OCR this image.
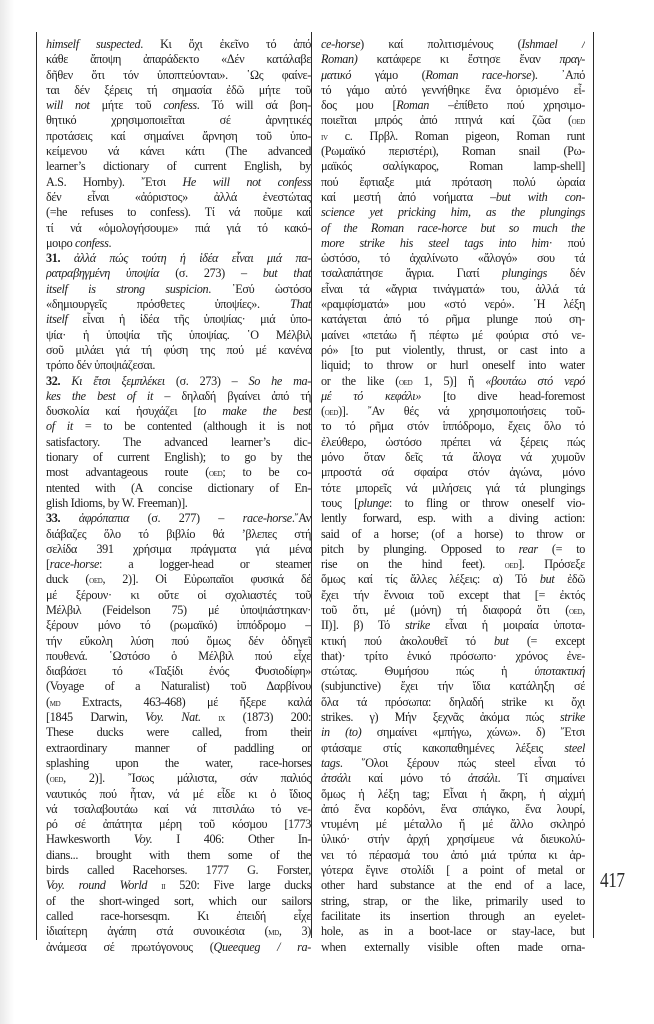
himself suspected. Κι ὄχι ἐκεῖνο τό ἀπό
κάθε ἄποψη ἀπαράδεκτο «Δέν κατάλαβε
δῆθεν ὅτι τόν ὑποπτεύονται». ῾Ως φαίνε-
ται δέν ξέρεις τή σημασία ἐδῶ μήτε τοῦ
will not μήτε τοῦ confess. Τό will σά βοη-
θητικό χρησιμοποιεῖται σέ ἀρνητικές
προτάσεις καί σημαίνει ἄρνηση τοῦ ὑπο-
κείμενου νά κάνει κάτι (The advanced
learner’s dictionary of current English, by
A.S. Hornby). ῎Ετσι He will not confess
δέν εἶναι «ἀόριστος» ἀλλά ἐνεστώτας
(=he refuses to confess). Τί νά ποῦμε καί
τί νά «ὁμολογήσουμε» πιά γιά τό κακό-
μοιρο confess.
31. ἀλλά πώς τούτη ἡ ἰδέα εἶναι μιά πα-
ρατραβηγμένη ὑποψία (σ. 273) – but that
itself is strong suspicion. ᾿Εσύ ὡστόσο
«δημιουργεῖς πρόσθετες ὑποψίες». That
itself εἶναι ἡ ἰδέα τῆς ὑποψίας· μιά ὑπο-
ψία· ἡ ὑποψία τῆς ὑποψίας. ῾Ο Μέλβιλ
σοῦ μιλάει γιά τή φύση της πού μέ κανένα
τρόπο δέν ὑποψιάζεσαι.
32. Κι ἔτσι ξεμπλέκει (σ. 273) – So he ma-
kes the best of it – δηλαδή βγαίνει ἀπό τή
δυσκολία καί ἡσυχάζει [to make the best
of it = to be contented (although it is not
satisfactory. The advanced learner’s dic-
tionary of current English); to go by the
most advantageous route (oed; to be co-
ntented with (A concise dictionary of En-
glish Idioms, by W. Freeman)].
33. ἀφρόπαπια (σ. 277) – race-horse.῎Αν
διάβαζες ὅλο τό βιβλίο θά ’βλεπες στή
σελίδα 391 χρήσιμα πράγματα γιά μένα
[race-horse: a logger-head or steamer
duck (oed, 2)]. Οἱ Εὐρωπαῖοι φυσικά δέ
μέ ξέρουν· κι οὔτε οἱ σχολιαστές τοῦ
Μέλβιλ (Feidelson 75) μέ ὑποψιάστηκαν·
ξέρουν μόνο τό (ρωμαϊκό) ἱππόδρομο –
τήν εὔκολη λύση πού ὅμως δέν ὁδηγεῖ
πουθενά. ῾Ωστόσο ὁ Μέλβιλ πού εἶχε
διαβάσει τό «Ταξίδι ἑνός Φυσιοδίφη»
(Voyage of a Naturalist) τοῦ Δαρβίνου
(md Extracts, 463-468) μέ ἤξερε καλά
[1845 Darwin, Voy. Nat. ix (1873) 200:
These ducks were called, from their
extraordinary manner of paddling or
splashing upon the water, race-horses
(oed, 2)]. ῎Ισως μάλιστα, σάν παλιός
ναυτικός πού ἦταν, νά μέ εἶδε κι ὁ ἴδιος
νά τσαλαβουτάω καί νά πιτσιλάω τό νε-
ρό σέ ἀπάτητα μέρη τοῦ κόσμου [1773
Hawkesworth Voy. I 406: Other In-
dians... brought with them some of the
birds called Racehorses. 1777 G. Forster,
Voy. round World ii 520: Five large ducks
of the short-winged sort, which our sailors
called race-horsesqm. Κι ἐπειδή εἶχε
ἰδιαίτερη ἀγάπη στά συνοικέσια (md, 3)
ἀνάμεσα σέ πρωτόγονους (Queequeg / ra-
ce-horse) καί πολιτισμένους (Ishmael /
Roman) κατάφερε κι ἔστησε ἕναν πραγ-
ματικό γάμο (Roman race-horse). ᾿Από
τό γάμο αὐτό γεννήθηκε ἕνα ὁρισμένο εἶ-
δος μου [Roman –ἐπίθετο πού χρησιμο-
ποιεῖται μπρός ἀπό πτηνά καί ζῶα (oed
iv c. Πρβλ. Roman pigeon, Roman runt
(Ρωμαϊκό περιστέρι), Roman snail (Ρω-
μαϊκός σαλίγκαρος, Roman lamp-shell]
πού ἔφτιαξε μιά πρόταση πολύ ὡραία
καί μεστή ἀπό νοήματα –but with con-
science yet pricking him, as the plungings
of the Roman race-horce but so much the
more strike his steel tags into him· πού
ὡστόσο, τό ἀχαλίνωτο «ἄλογό» σου τά
τσαλαπάτησε ἄγρια. Γιατί plungings δέν
εἶναι τά «ἄγρια τινάγματά» του, ἀλλά τά
«ραμφίσματά» μου «στό νερό». ῾Η λέξη
κατάγεται ἀπό τό ρῆμα plunge πού ση-
μαίνει «πετάω ἤ πέφτω μέ φούρια στό νε-
ρό» [to put violently, thrust, or cast into a
liquid; to throw or hurl oneself into water
or the like (oed 1, 5)] ἤ «βουτάω στό νερό
μέ τό κεφάλι» [to dive head-foremost
(oed)]. ῎Αν θές νά χρησιμοποιήσεις τοῦ-
το τό ρῆμα στόν ἱππόδρομο, ἔχεις ὅλο τό
ἐλεύθερο, ὡστόσο πρέπει νά ξέρεις πώς
μόνο ὅταν δεῖς τά ἄλογα νά χυμοῦν
μπροστά σά σφαίρα στόν ἀγώνα, μόνο
τότε μπορεῖς νά μιλήσεις γιά τά plungings
τους [plunge: to fling or throw oneself vio-
lently forward, esp. with a diving action:
said of a horse; (of a horse) to throw or
pitch by plunging. Opposed to rear (= to
rise on the hind feet). oed]. Πρόσεξε
ὅμως καί τίς ἄλλες λέξεις: α) Τό but ἐδῶ
ἔχει τήν ἔννοια τοῦ except that [= ἐκτός
τοῦ ὅτι, μέ (μόνη) τή διαφορά ὅτι (oed,
II)]. β) Τό strike εἶναι ἡ μοιραία ὑποτα-
κτική πού ἀκολουθεῖ τό but (= except
that)· τρίτο ἑνικό πρόσωπο· χρόνος ἐνε-
στώτας. Θυμήσου πώς ἡ ὑποτακτική
(subjunctive) ἔχει τήν ἴδια κατάληξη σέ
ὅλα τά πρόσωπα: δηλαδή strike κι ὄχι
strikes. γ) Μήν ξεχνᾶς ἀκόμα πώς strike
in (to) σημαίνει «μπήγω, χώνω». δ) ῎Ετσι
φτάσαμε στίς κακοπαθημένες λέξεις steel
tags. ῞Ολοι ξέρουν πώς steel εἶναι τό
ἀτσάλι καί μόνο τό ἀτσάλι. Τί σημαίνει
ὅμως ἡ λέξη tag; Εἶναι ἡ ἄκρη, ἡ αἰχμή
ἀπό ἕνα κορδόνι, ἕνα σπάγκο, ἕνα λουρί,
ντυμένη μέ μέταλλο ἤ μέ ἄλλο σκληρό
ὑλικό· στήν ἀρχή χρησίμευε νά διευκολύ-
νει τό πέρασμά του ἀπό μιά τρύπα κι ἀρ-
γότερα ἔγινε στολίδι [ a point of metal or
other hard substance at the end of a lace,
string, strap, or the like, primarily used to
facilitate its insertion through an eyelet-
hole, as in a boot-lace or stay-lace, but
when externally visible often made orna-
417
